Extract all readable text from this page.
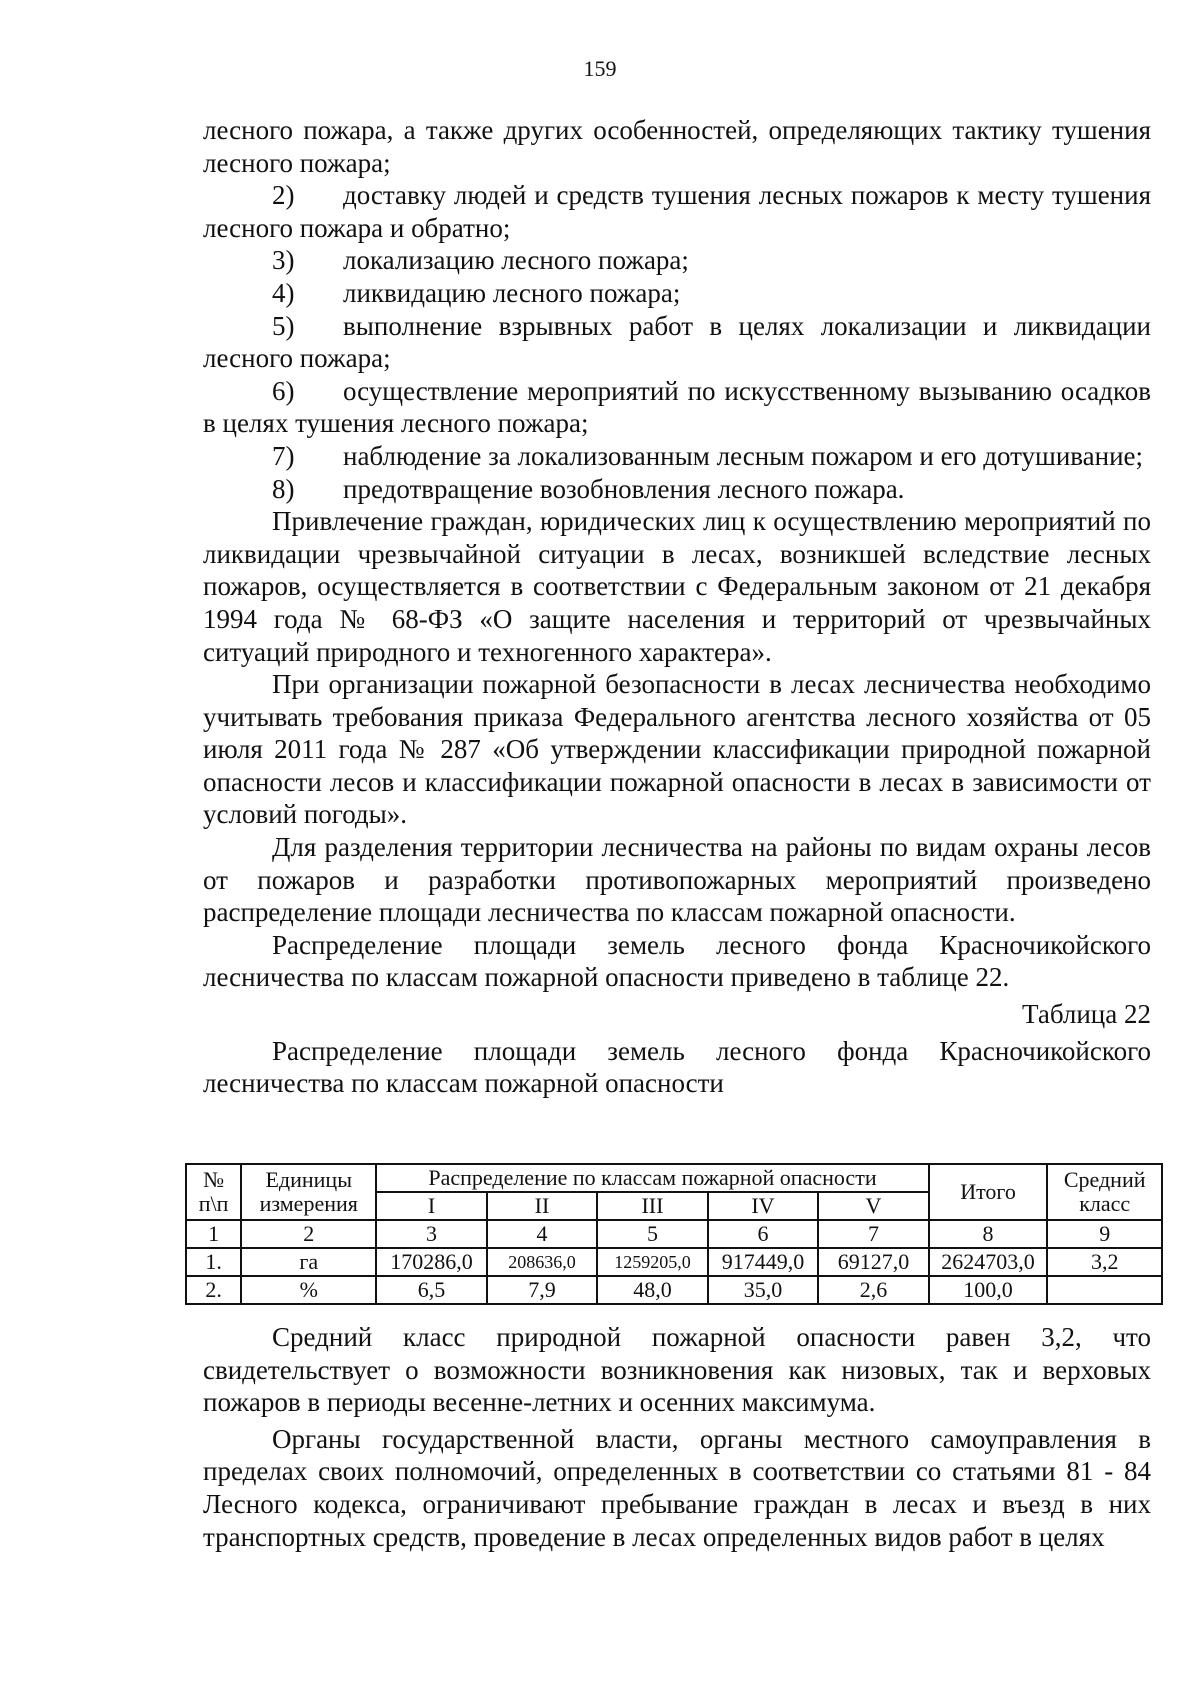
159

лесного пожара, а также других особенностей, определяющих тактику тушения лесного пожара;

2) доставку людей и средств тушения лесных пожаров к месту тушения лесного пожара и обратно;

3) локализацию лесного пожара;

4) ликвидацию лесного пожара;

5) выполнение взрывных работ в целях локализации и ликвидации лесного пожара;

6) осуществление мероприятий по искусственному вызыванию осадков в целях тушения лесного пожара;

7) наблюдение за локализованным лесным пожаром и его дотушивание;

8) предотвращение возобновления лесного пожара.

Привлечение граждан, юридических лиц к осуществлению мероприятий по ликвидации чрезвычайной ситуации в лесах, возникшей вследствие лесных пожаров, осуществляется в соответствии с Федеральным законом от 21 декабря 1994 года № 68-ФЗ «О защите населения и территорий от чрезвычайных ситуаций природного и техногенного характера».

При организации пожарной безопасности в лесах лесничества необходимо учитывать требования приказа Федерального агентства лесного хозяйства от 05 июля 2011 года № 287 «Об утверждении классификации природной пожарной опасности лесов и классификации пожарной опасности в лесах в зависимости от условий погоды».

Для разделения территории лесничества на районы по видам охраны лесов от пожаров и разработки противопожарных мероприятий произведено распределение площади лесничества по классам пожарной опасности.

Распределение площади земель лесного фонда Красночикойского лесничества по классам пожарной опасности приведено в таблице 22.

Таблица 22

Распределение площади земель лесного фонда Красночикойского лесничества по классам пожарной опасности

№ п\п	Единицы измерения	Распределение по классам пожарной опасности					Итого	Средний класс
		I	II	III	IV	V		
1	2	3	4	5	6	7	8	9
1.	га	170286,0	208636,0	1259205,0	917449,0	69127,0	2624703,0	3,2
2.	%	6,5	7,9	48,0	35,0	2,6	100,0	

Средний класс природной пожарной опасности равен 3,2, что свидетельствует о возможности возникновения как низовых, так и верховых пожаров в периоды весенне-летних и осенних максимума.

Органы государственной власти, органы местного самоуправления в пределах своих полномочий, определенных в соответствии со статьями 81 - 84 Лесного кодекса, ограничивают пребывание граждан в лесах и въезд в них транспортных средств, проведение в лесах определенных видов работ в целях
